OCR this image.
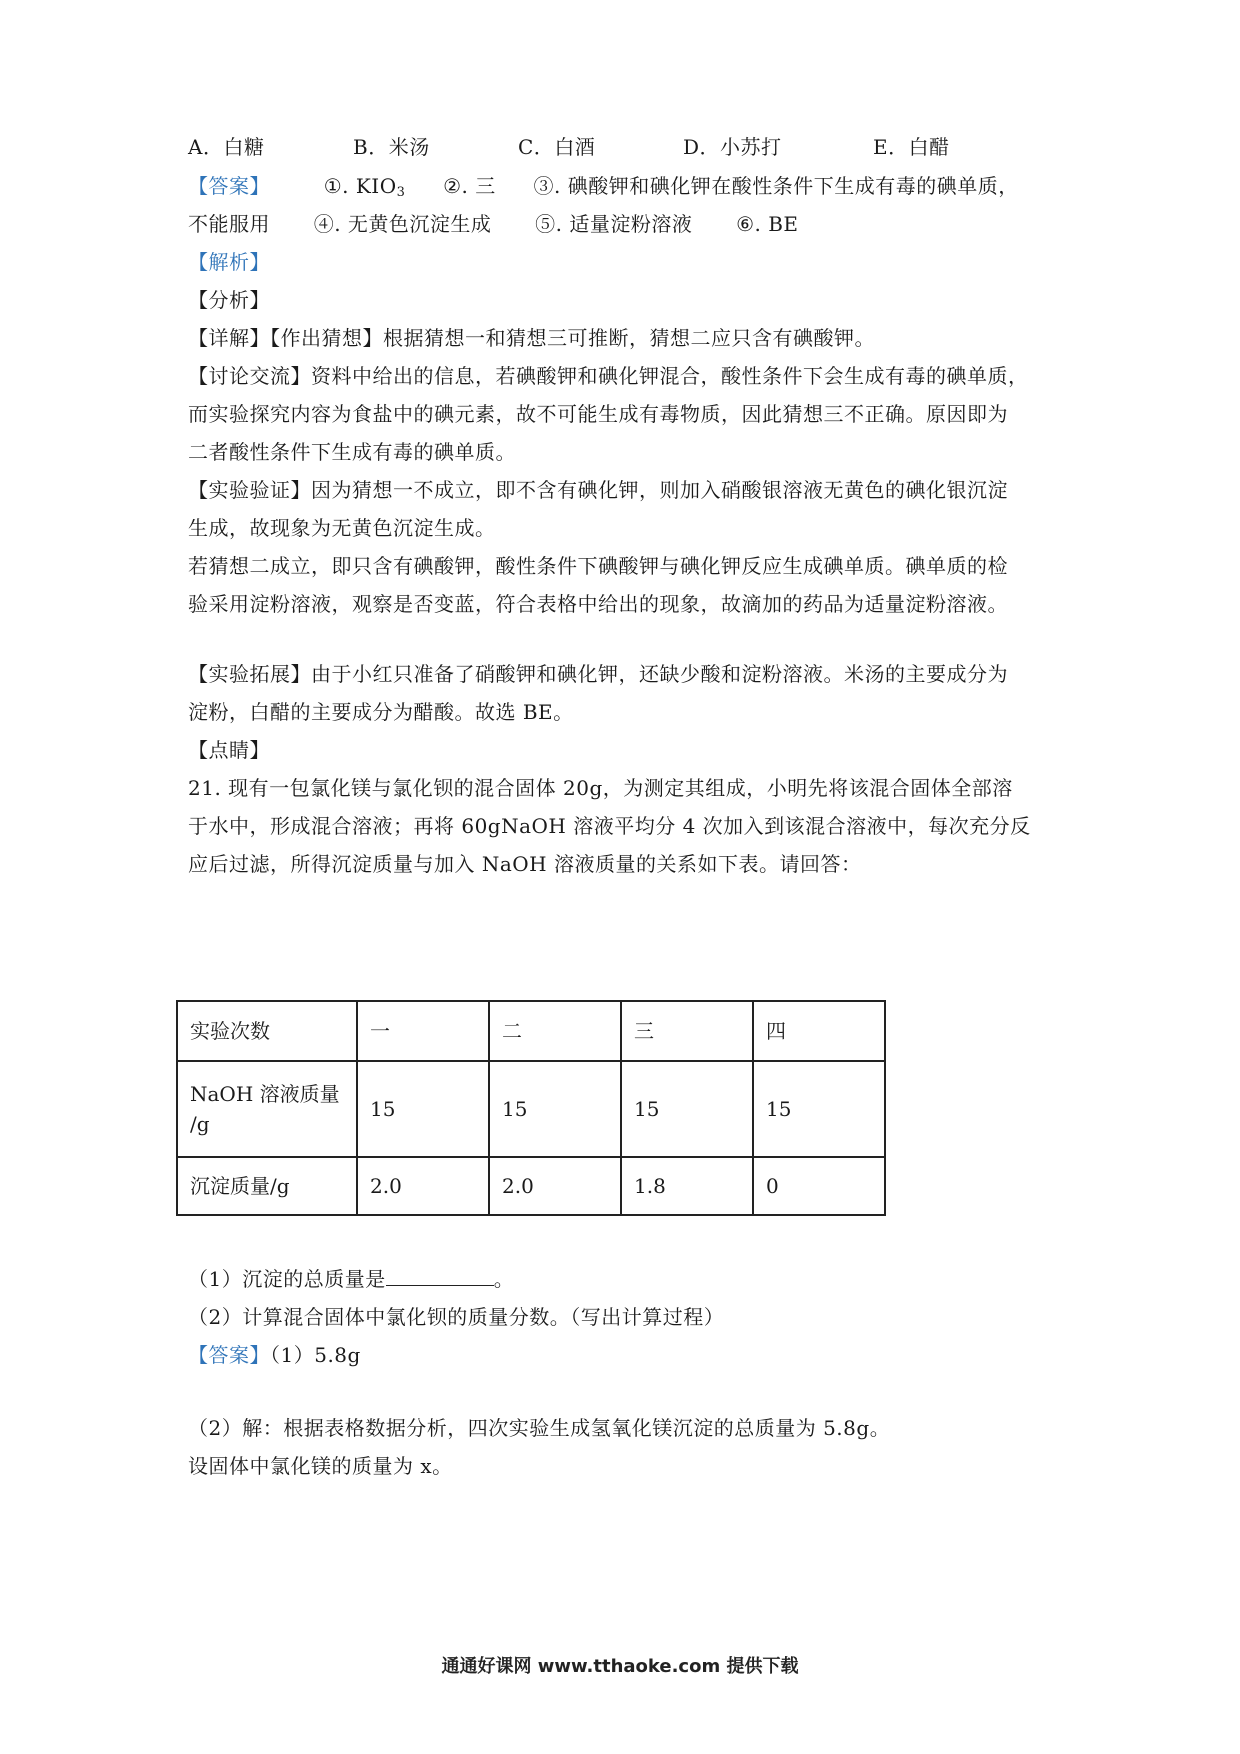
A．白糖	B．米汤	C．白酒	D．小苏打	E．白醋
【答案】	①. $KIO_3$ ②. 三 ③. 碘酸钾和碘化钾在酸性条件下生成有毒的碘单质，
不能服用 ④. 无黄色沉淀生成 ⑤. 适量淀粉溶液 ⑥. BE
【解析】
【分析】
【详解】【作出猜想】根据猜想一和猜想三可推断，猜想二应只含有碘酸钾。
【讨论交流】资料中给出的信息，若碘酸钾和碘化钾混合，酸性条件下会生成有毒的碘单质，
而实验探究内容为食盐中的碘元素，故不可能生成有毒物质，因此猜想三不正确。原因即为
二者酸性条件下生成有毒的碘单质。
【实验验证】因为猜想一不成立，即不含有碘化钾，则加入硝酸银溶液无黄色的碘化银沉淀
生成，故现象为无黄色沉淀生成。
若猜想二成立，即只含有碘酸钾，酸性条件下碘酸钾与碘化钾反应生成碘单质。碘单质的检
验采用淀粉溶液，观察是否变蓝，符合表格中给出的现象，故滴加的药品为适量淀粉溶液。
【实验拓展】由于小红只准备了硝酸钾和碘化钾，还缺少酸和淀粉溶液。米汤的主要成分为
淀粉，白醋的主要成分为醋酸。故选 BE。
【点睛】
21. 现有一包氯化镁与氯化钡的混合固体 20g，为测定其组成，小明先将该混合固体全部溶
于水中，形成混合溶液；再将 60gNaOH 溶液平均分 4 次加入到该混合溶液中，每次充分反
应后过滤，所得沉淀质量与加入 NaOH 溶液质量的关系如下表。请回答：
实验次数	一	二	三	四

NaOH 溶液质量
/g	15	15	15	15
沉淀质量/g	2.0	2.0	1.8	0
（1）沉淀的总质量是	。
（2）计算混合固体中氯化钡的质量分数。（写出计算过程）
【答案】（1）5.8g
（2）解：根据表格数据分析，四次实验生成氢氧化镁沉淀的总质量为 5.8g。
设固体中氯化镁的质量为 x。
通通好课网 www.tthaoke.com 提供下载
